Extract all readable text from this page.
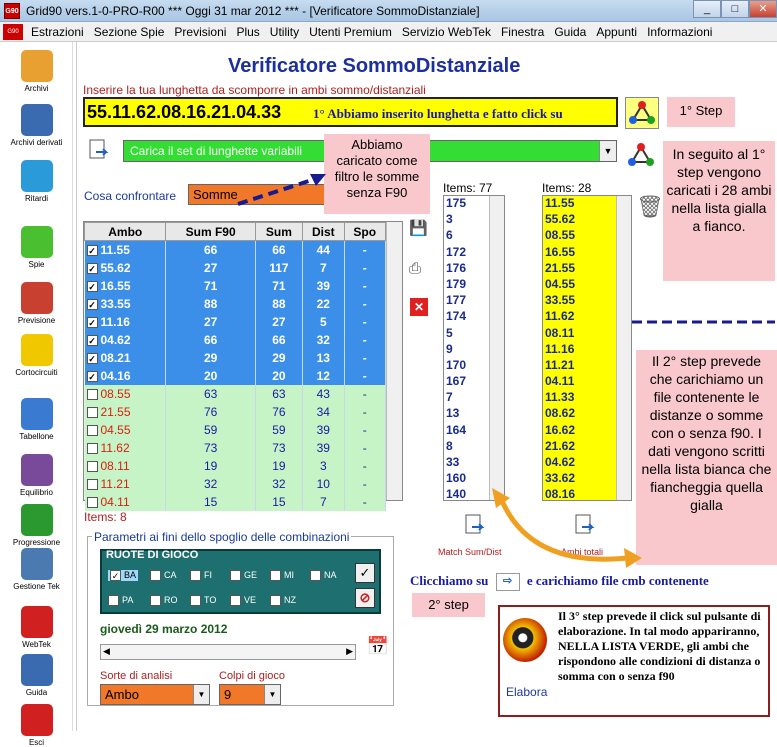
G90 Grid90 vers.1-0-PRO-R00 *** Oggi 31 mar 2012 *** - [Verificatore SommoDistanziale]	_	□	✕
G90	Estrazioni Sezione Spie Previsioni Plus Utility Utenti Premium Servizio WebTek Finestra Guida Appunti Informazioni
Archivi
Archivi derivati
Ritardi
Spie
Previsione
Cortocircuiti
Tabellone
Equilibrio
Progressione
Gestione Tek
WebTek
Guida
Esci
Verificatore SommoDistanziale
Inserire la tua lunghetta da scomporre in ambi sommo/distanziali
55.11.62.08.16.21.04.33	1° Abbiamo inserito lunghetta e fatto click su	1° Step
Carica il set di lunghette variabili	▼	In seguito al 1° step vengono caricati i 28 ambi nella lista gialla a fianco.
Cosa confrontare	Somme
Abbiamo caricato come filtro le somme senza F90	Items: 77	Items: 28
Ambo	Sum F90	Sum	Dist	Spo
✓ 11.55	66	66	44	-
✓ 55.62	27	117	7	-
✓ 16.55	71	71	39	-
✓ 33.55	88	88	22	-
✓ 11.16	27	27	5	-
✓ 04.62	66	66	32	-
✓ 08.21	29	29	13	-
✓ 04.16	20	20	12	-
08.55	63	63	43	-
21.55	76	76	34	-
04.55	59	59	39	-
11.62	73	73	39	-
08.11	19	19	3	-
11.21	32	32	10	-
04.11	15	15	7	-
💾
⎙
✕
175
3
6
172
176
179
177
174
5
9
170
167
7
13
164
8
33
160
140
11.55
55.62
08.55
16.55
21.55
04.55
33.55
11.62
08.11
11.16
11.21
04.11
11.33
08.62
16.62
21.62
04.62
33.62
08.16
🗑
Il 2° step prevede che carichiamo un file contenente le distanze o somme con o senza f90. I dati vengono scritti nella lista bianca che fiancheggia quella gialla
Items: 8
Match Sum/Dist	Ambi totali
Clicchiamo su ⇨ e carichiamo file cmb contenente
2° step
Parametri ai fini dello spoglio delle combinazioni
RUOTE DI GIOCO
✓ BA	CA	FI	GE	MI	NA
PA	RO	TO	VE	NZ
✓
⊘
giovedì 29 marzo 2012
📅
◀	▶
Sorte di analisi	Colpi di gioco
Ambo	▼	9	▼
Il 3° step prevede il click sul pulsante di elaborazione. In tal modo appariranno, NELLA LISTA VERDE, gli ambi che rispondono alle condizioni di distanza o somma con o senza f90
Elabora
